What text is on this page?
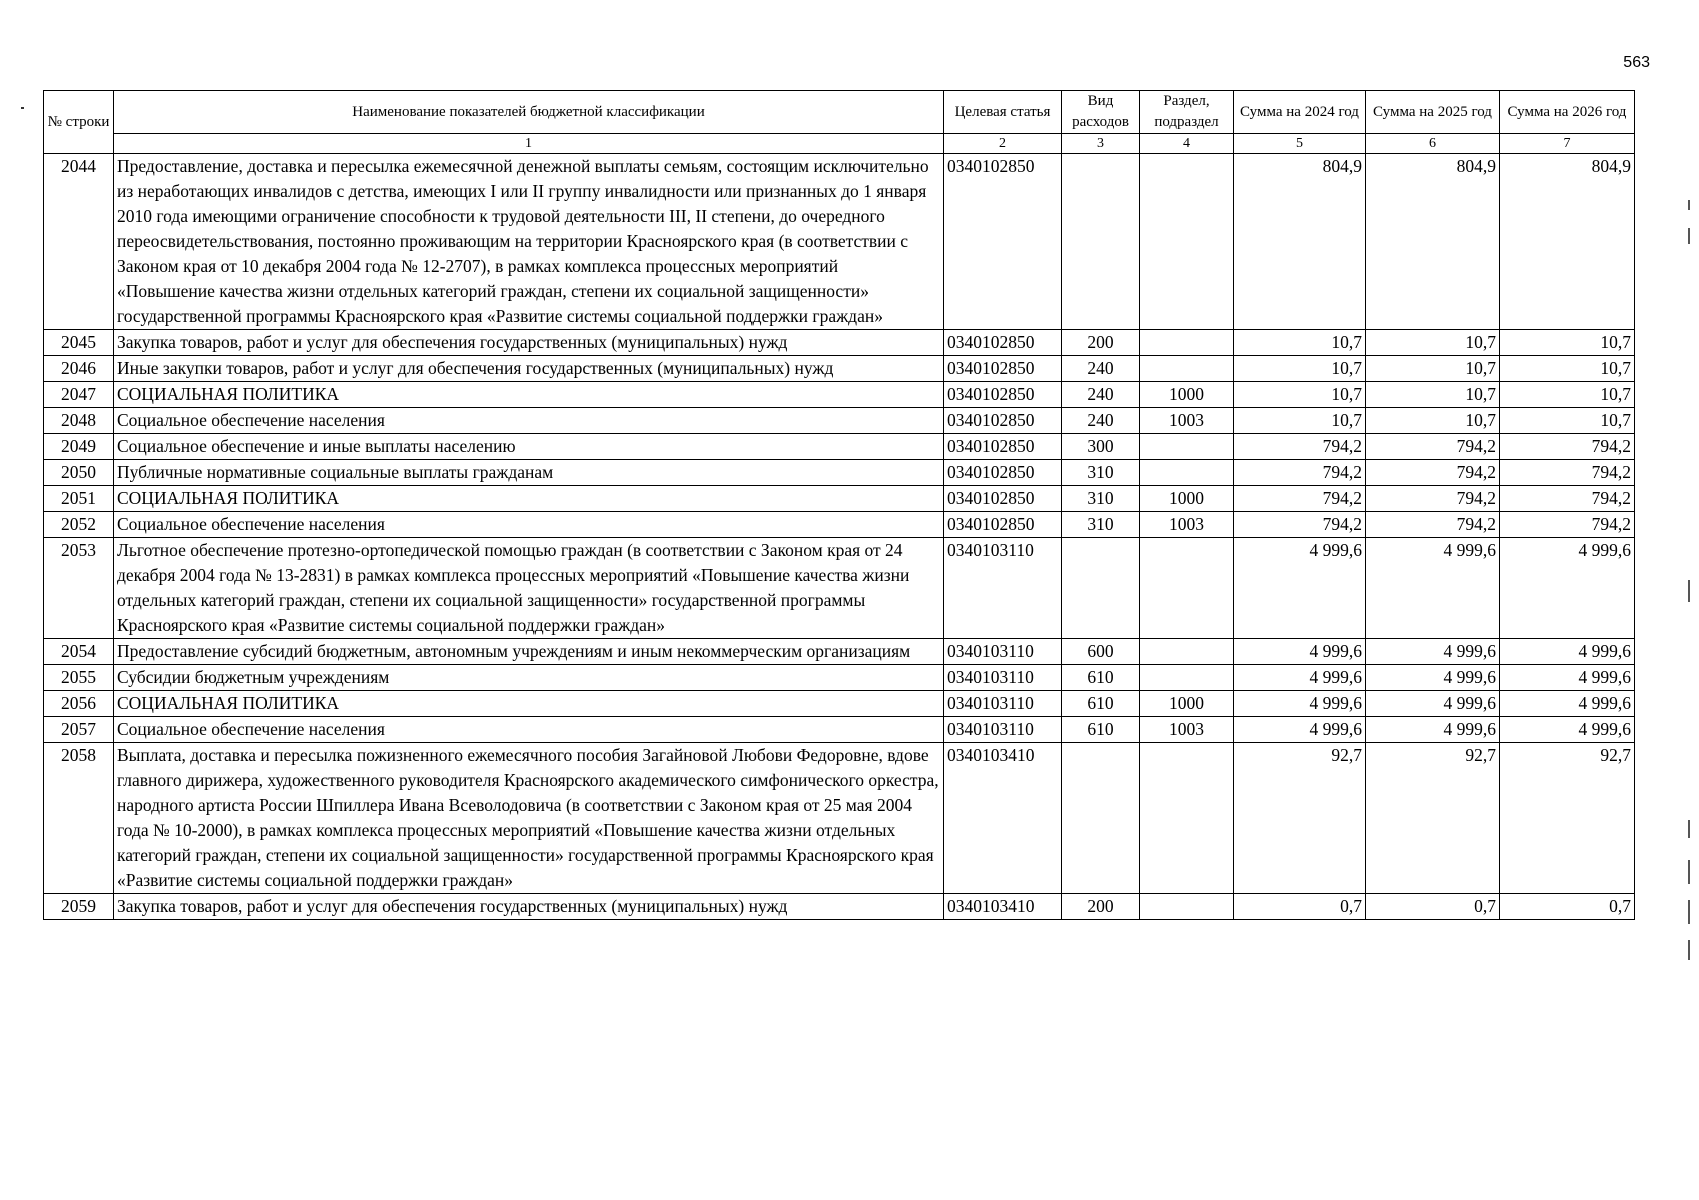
563
№ строки	Наименование показателей бюджетной классификации	Целевая статья	Вид расходов	Раздел, подраздел	Сумма на 2024 год	Сумма на 2025 год	Сумма на 2026 год
	1	2	3	4	5	6	7
2044	Предоставление, доставка и пересылка ежемесячной денежной выплаты семьям, состоящим исключительно из неработающих инвалидов с детства, имеющих I или II группу инвалидности или признанных до 1 января 2010 года имеющими ограничение способности к трудовой деятельности III, II степени, до очередного переосвидетельствования, постоянно проживающим на территории Красноярского края (в соответствии с Законом края от 10 декабря 2004 года № 12-2707), в рамках комплекса процессных мероприятий «Повышение качества жизни отдельных категорий граждан, степени их социальной защищенности» государственной программы Красноярского края «Развитие системы социальной поддержки граждан»	0340102850			804,9	804,9	804,9
2045	Закупка товаров, работ и услуг для обеспечения государственных (муниципальных) нужд	0340102850	200		10,7	10,7	10,7
2046	Иные закупки товаров, работ и услуг для обеспечения государственных (муниципальных) нужд	0340102850	240		10,7	10,7	10,7
2047	СОЦИАЛЬНАЯ ПОЛИТИКА	0340102850	240	1000	10,7	10,7	10,7
2048	Социальное обеспечение населения	0340102850	240	1003	10,7	10,7	10,7
2049	Социальное обеспечение и иные выплаты населению	0340102850	300		794,2	794,2	794,2
2050	Публичные нормативные социальные выплаты гражданам	0340102850	310		794,2	794,2	794,2
2051	СОЦИАЛЬНАЯ ПОЛИТИКА	0340102850	310	1000	794,2	794,2	794,2
2052	Социальное обеспечение населения	0340102850	310	1003	794,2	794,2	794,2
2053	Льготное обеспечение протезно-ортопедической помощью граждан (в соответствии с Законом края от 24 декабря 2004 года № 13-2831) в рамках комплекса процессных мероприятий «Повышение качества жизни отдельных категорий граждан, степени их социальной защищенности» государственной программы Красноярского края «Развитие системы социальной поддержки граждан»	0340103110			4 999,6	4 999,6	4 999,6
2054	Предоставление субсидий бюджетным, автономным учреждениям и иным некоммерческим организациям	0340103110	600		4 999,6	4 999,6	4 999,6
2055	Субсидии бюджетным учреждениям	0340103110	610		4 999,6	4 999,6	4 999,6
2056	СОЦИАЛЬНАЯ ПОЛИТИКА	0340103110	610	1000	4 999,6	4 999,6	4 999,6
2057	Социальное обеспечение населения	0340103110	610	1003	4 999,6	4 999,6	4 999,6
2058	Выплата, доставка и пересылка пожизненного ежемесячного пособия Загайновой Любови Федоровне, вдове главного дирижера, художественного руководителя Красноярского академического симфонического оркестра, народного артиста России Шпиллера Ивана Всеволодовича (в соответствии с Законом края от 25 мая 2004 года № 10-2000), в рамках комплекса процессных мероприятий «Повышение качества жизни отдельных категорий граждан, степени их социальной защищенности» государственной программы Красноярского края «Развитие системы социальной поддержки граждан»	0340103410			92,7	92,7	92,7
2059	Закупка товаров, работ и услуг для обеспечения государственных (муниципальных) нужд	0340103410	200		0,7	0,7	0,7
